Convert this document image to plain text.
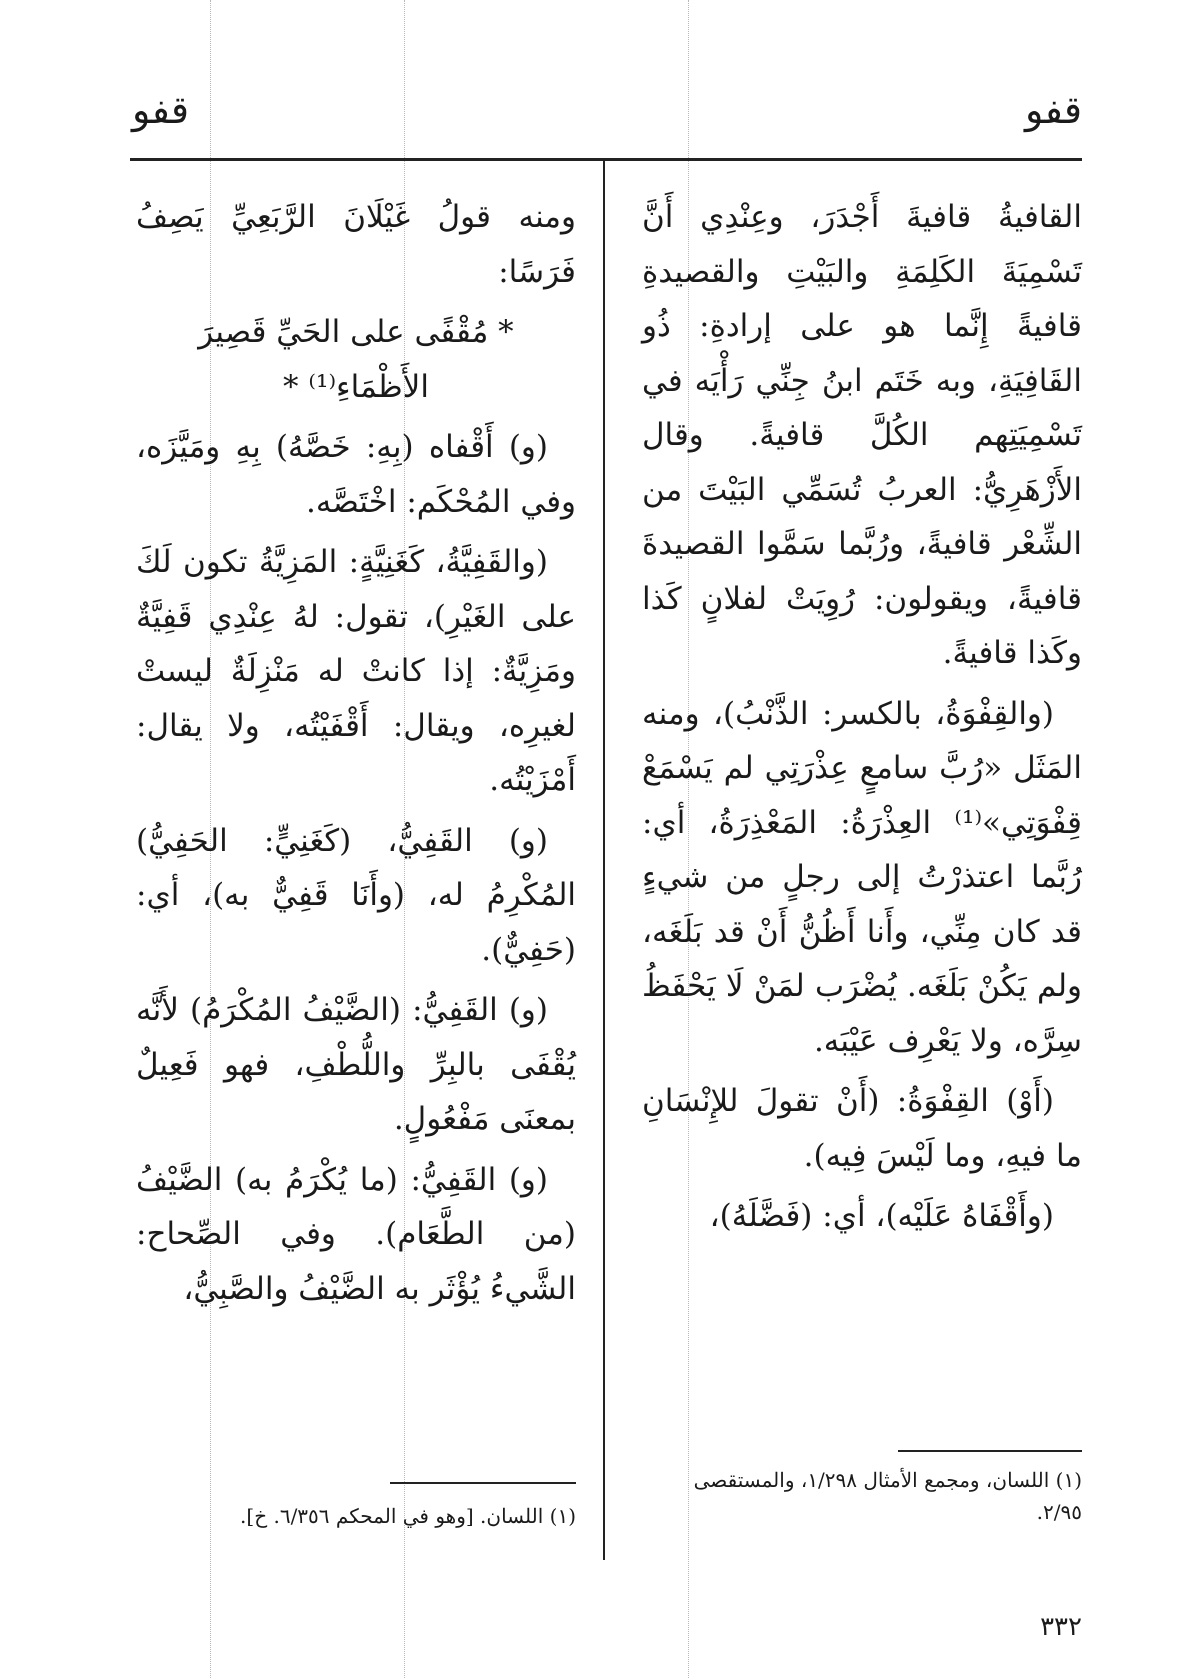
قفو

قفو

القافيةُ قافيةَ أَجْدَرَ، وعِنْدِي أَنَّ تَسْمِيَةَ الكَلِمَةِ والبَيْتِ والقصيدةِ قافيةً إِنَّما هو على إرادةِ: ذُو القَافِيَةِ، وبه خَتَم ابنُ جِنِّي رَأْيَه في تَسْمِيَتِهم الكُلَّ قافيةً. وقال الأَزْهَرِيُّ: العربُ تُسَمِّي البَيْتَ من الشِّعْر قافيةً، ورُبَّما سَمَّوا القصيدةَ قافيةً، ويقولون: رُوِيَتْ لفلانٍ كَذا وكَذا قافيةً.

(والقِفْوَةُ، بالكسر: الذَّنْبُ)، ومنه المَثَل «رُبَّ سامعٍ عِذْرَتِي لم يَسْمَعْ قِفْوَتِي»⁽¹⁾ العِذْرَةُ: المَعْذِرَةُ، أي: رُبَّما اعتذرْتُ إلى رجلٍ من شيءٍ قد كان مِنِّي، وأَنا أَظُنُّ أَنْ قد بَلَغَه، ولم يَكُنْ بَلَغَه. يُضْرَب لمَنْ لَا يَحْفَظُ سِرَّه، ولا يَعْرِف عَيْبَه.

(أَوْ) القِفْوَةُ: (أَنْ تقولَ للإِنْسَانِ ما فيهِ، وما لَيْسَ فِيه).

(وأَقْفَاهُ عَلَيْه)، أي: (فَضَّلَهُ)،

ومنه قولُ غَيْلَانَ الرَّبَعِيِّ يَصِفُ فَرَسًا:

* مُقْفًى على الحَيِّ قَصِيرَ الأَظْمَاءِ⁽¹⁾ *

(و) أَقْفاه (بِهِ: خَصَّهُ) بِهِ ومَيَّزَه، وفي المُحْكَم: اخْتَصَّه.

(والقَفِيَّةُ، كَغَنِيَّةٍ: المَزِيَّةُ تكون لَكَ على الغَيْرِ)، تقول: لهُ عِنْدِي قَفِيَّةٌ ومَزِيَّةٌ: إذا كانتْ له مَنْزِلَةٌ ليستْ لغيرِه، ويقال: أَقْفَيْتُه، ولا يقال: أَمْزَيْتُه.

(و) القَفِيُّ، (كَغَنِيٍّ: الحَفِيُّ) المُكْرِمُ له، (وأَنَا قَفِيٌّ به)، أي: (حَفِيٌّ).

(و) القَفِيُّ: (الضَّيْفُ المُكْرَمُ) لأَنَّه يُقْفَى بالبِرِّ واللُّطْفِ، فهو فَعِيلٌ بمعنَى مَفْعُولٍ.

(و) القَفِيُّ: (ما يُكْرَمُ به) الضَّيْفُ (من الطَّعَام). وفي الصِّحاح: الشَّيءُ يُؤْثَر به الضَّيْفُ والصَّبِيُّ،

(١) اللسان، ومجمع الأمثال ١/٢٩٨، والمستقصى ٢/٩٥.

(١) اللسان. [وهو في المحكم ٦/٣٥٦. خ].

٣٣٢
